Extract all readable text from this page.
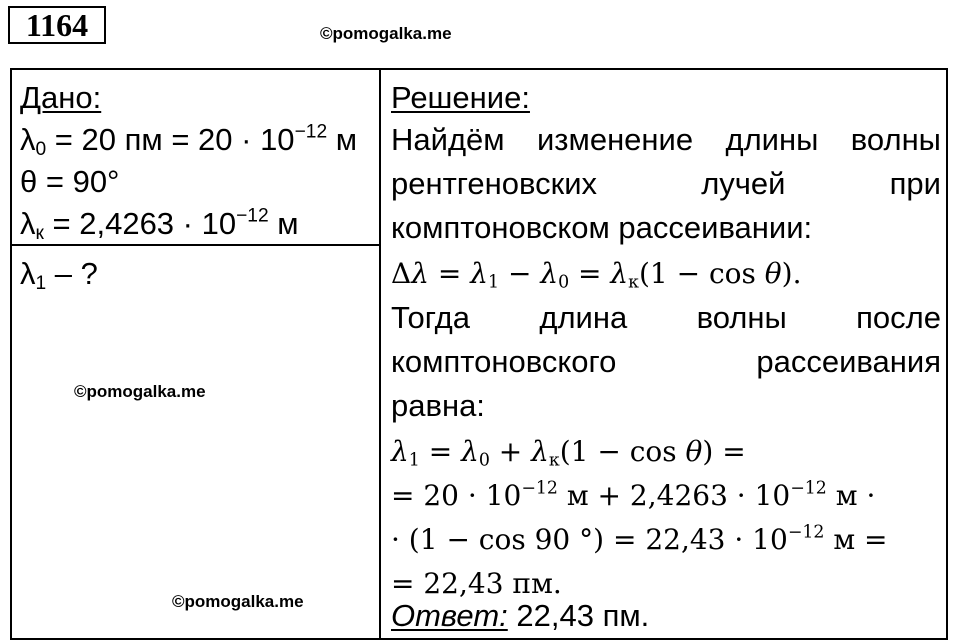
1164	©pomogalka.me
Дано:
$\lambda_0 = 20$ пм = $20 \cdot 10^{-12}$ м
θ = 90°
$\lambda_к = 2,4263 \cdot 10^{-12}$ м
$\lambda_1$ – ?
©pomogalka.me
©pomogalka.me
Решение:
Найдём изменение длины волны
рентгеновских	лучей	при
комптоновском рассеивании:
$\Delta\lambda = \lambda_1 - \lambda_0 = \lambda_к(1 - \cos \theta)$.
Тогда длина волны после
комптоновского	рассеивания
равна:
$\lambda_1 = \lambda_0 + \lambda_к(1 - \cos \theta)$ =
= $20 \cdot 10^{-12}$ $м + 2,4263 \cdot 10^{-12}$ м ·
· (1 − cos 90 °) = $22,43 \cdot 10^{-12}$ м =
= 22,43 пм.
Ответ: 22,43 пм.
